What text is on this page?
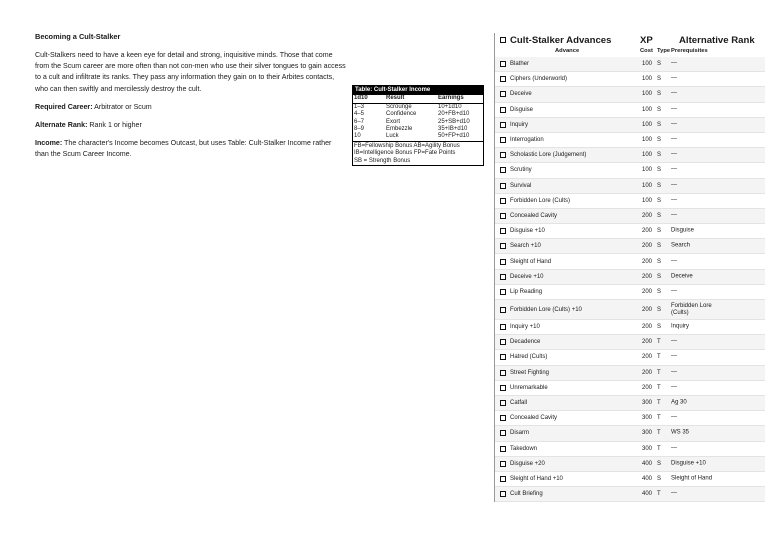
Becoming a Cult-Stalker

Cult-Stalkers need to have a keen eye for detail and strong, inquisitive minds. Those that come from the Scum career are more often than not con-men who use their silver tongues to gain access to a cult and infiltrate its ranks. They pass any information they gain on to their Arbites contacts, who can then swiftly and mercilessly destroy the cult.

Required Career: Arbitrator or Scum

Alternate Rank: Rank 1 or higher

Income: The character's Income becomes Outcast, but uses Table: Cult-Stalker Income rather than the Scum Career Income.

Table: Cult-Stalker Income
1d10	Result	Earnings
1–3	Scrounge	10+1d10
4–5	Confidence	20+FB+d10
6–7	Exort	25+SB+d10
8–9	Embezzle	35+IB+d10
10	Luck	50+FP+d10
FB=Fellowship Bonus AB=Agility Bonus
IB=Intelligence Bonus FP=Fate Points
SB = Strength Bonus
Cult-Stalker Advances	XP	Alternative Rank
Advance	Cost Type Prerequisites
Blather	100 S —
Ciphers (Underworld)	100 S —
Deceive	100 S —
Disguise	100 S —
Inquiry	100 S —
Interrogation	100 S —
Scholastic Lore (Judgement)	100 S —
Scrutiny	100 S —
Survival	100 S —
Forbidden Lore (Cults)	100 S —
Concealed Cavity	200 S —
Disguise +10	200 S Disguise
Search +10	200 S Search
Sleight of Hand	200 S —
Deceive +10	200 S Deceive
Lip Reading	200 S —
Forbidden Lore (Cults) +10	200 S
Forbidden Lore (Cults)
Inquiry +10	200 S Inquiry
Decadence	200 T —
Hatred (Cults)	200 T —
Street Fighting	200 T —
Unremarkable	200 T —
Catfall	300 T Ag 30
Concealed Cavity	300 T —
Disarm	300 T WS 35
Takedown	300 T —
Disguise +20	400 S Disguise +10
Sleight of Hand +10	400 S Sleight of Hand
Cult Briefing	400 T —
